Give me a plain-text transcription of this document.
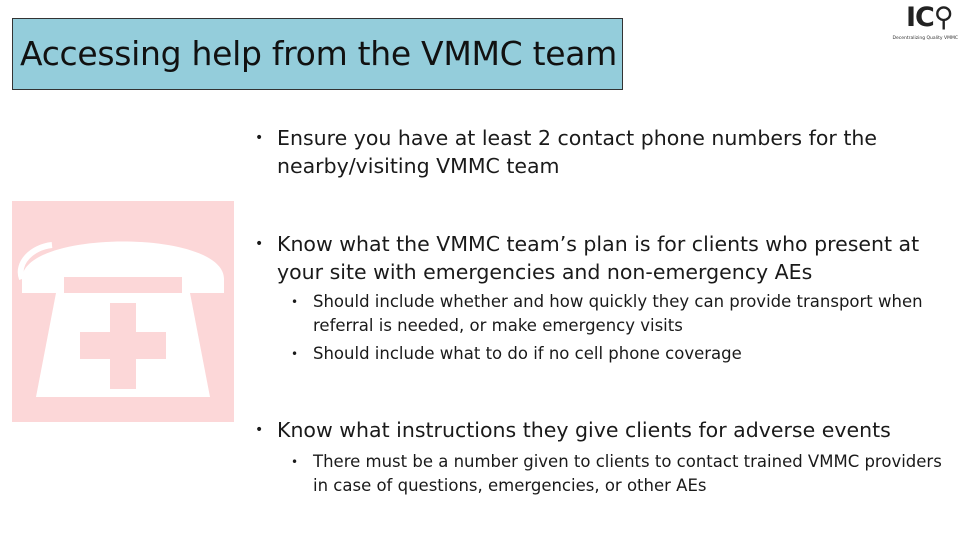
Accessing help from the VMMC team
IC⚲
Decentralizing Quality VMMC
• Ensure you have at least 2 contact phone numbers for the nearby/visiting VMMC team
• Know what the VMMC team’s plan is for clients who present at your site with emergencies and non-emergency AEs
• Should include whether and how quickly they can provide transport when referral is needed, or make emergency visits
• Should include what to do if no cell phone coverage
• Know what instructions they give clients for adverse events
• There must be a number given to clients to contact trained VMMC providers in case of questions, emergencies, or other AEs
